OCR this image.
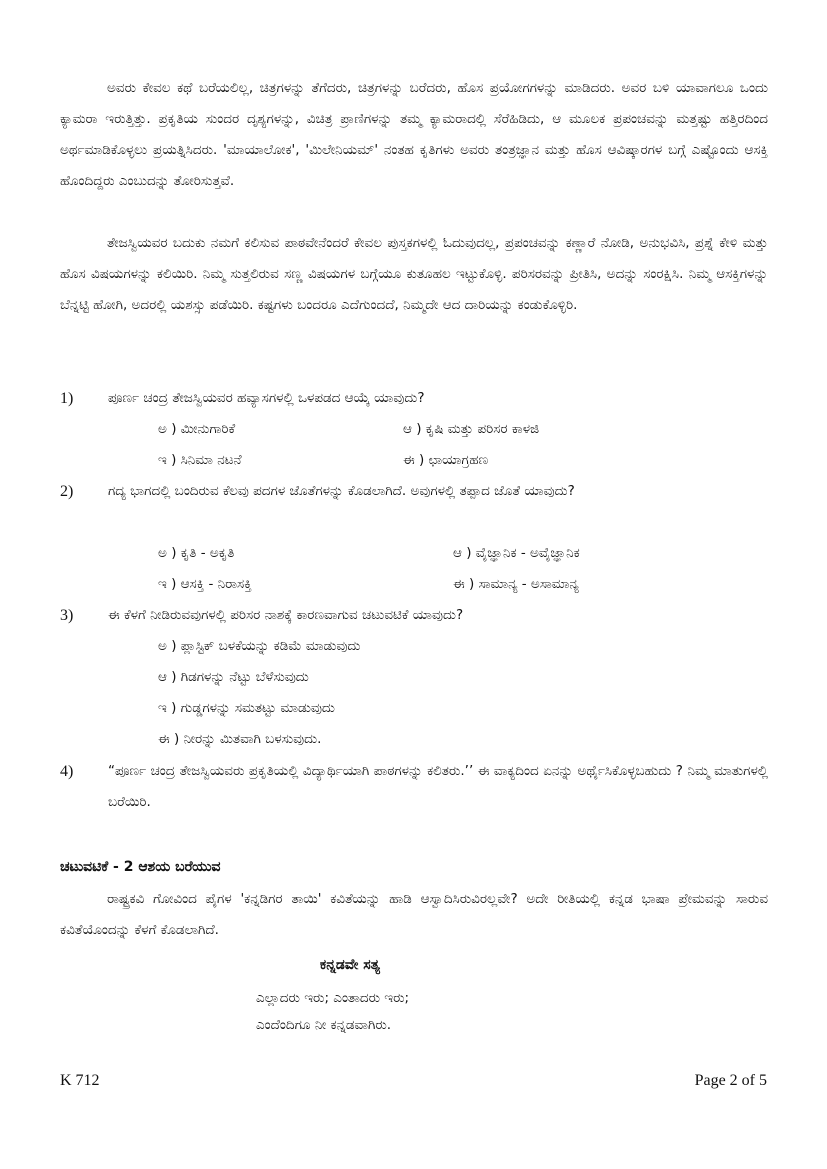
ಅವರು ಕೇವಲ ಕಥೆ ಬರೆಯಲಿಲ್ಲ, ಚಿತ್ರಗಳನ್ನು ತೆಗೆದರು, ಚಿತ್ರಗಳನ್ನು ಬರೆದರು, ಹೊಸ ಪ್ರಯೋಗಗಳನ್ನು ಮಾಡಿದರು. ಅವರ ಬಳಿ ಯಾವಾಗಲೂ ಒಂದು ಕ್ಯಾಮರಾ ಇರುತ್ತಿತ್ತು. ಪ್ರಕೃತಿಯ ಸುಂದರ ದೃಶ್ಯಗಳನ್ನು, ವಿಚಿತ್ರ ಪ್ರಾಣಿಗಳನ್ನು ತಮ್ಮ ಕ್ಯಾಮರಾದಲ್ಲಿ ಸೆರೆಹಿಡಿದು, ಆ ಮೂಲಕ ಪ್ರಪಂಚವನ್ನು ಮತ್ತಷ್ಟು ಹತ್ತಿರದಿಂದ ಅರ್ಥಮಾಡಿಕೊಳ್ಳಲು ಪ್ರಯತ್ನಿಸಿದರು. 'ಮಾಯಾಲೋಕ', 'ಮಿಲೇನಿಯಮ್' ನಂತಹ ಕೃತಿಗಳು ಅವರು ತಂತ್ರಜ್ಞಾನ ಮತ್ತು ಹೊಸ ಆವಿಷ್ಕಾರಗಳ ಬಗ್ಗೆ ಎಷ್ಟೊಂದು ಆಸಕ್ತಿ ಹೊಂದಿದ್ದರು ಎಂಬುದನ್ನು ತೋರಿಸುತ್ತವೆ.

ತೇಜಸ್ವಿಯವರ ಬದುಕು ನಮಗೆ ಕಲಿಸುವ ಪಾಠವೇನೆಂದರೆ ಕೇವಲ ಪುಸ್ತಕಗಳಲ್ಲಿ ಓದುವುದಲ್ಲ, ಪ್ರಪಂಚವನ್ನು ಕಣ್ಣಾರೆ ನೋಡಿ, ಅನುಭವಿಸಿ, ಪ್ರಶ್ನೆ ಕೇಳಿ ಮತ್ತು ಹೊಸ ವಿಷಯಗಳನ್ನು ಕಲಿಯಿರಿ. ನಿಮ್ಮ ಸುತ್ತಲಿರುವ ಸಣ್ಣ ವಿಷಯಗಳ ಬಗ್ಗೆಯೂ ಕುತೂಹಲ ಇಟ್ಟುಕೊಳ್ಳಿ. ಪರಿಸರವನ್ನು ಪ್ರೀತಿಸಿ, ಅದನ್ನು ಸಂರಕ್ಷಿಸಿ. ನಿಮ್ಮ ಆಸಕ್ತಿಗಳನ್ನು ಬೆನ್ನಟ್ಟಿ ಹೋಗಿ, ಅದರಲ್ಲಿ ಯಶಸ್ಸು ಪಡೆಯಿರಿ. ಕಷ್ಟಗಳು ಬಂದರೂ ಎದೆಗುಂದದೆ, ನಿಮ್ಮದೇ ಆದ ದಾರಿಯನ್ನು ಕಂಡುಕೊಳ್ಳಿರಿ.

1)	ಪೂರ್ಣ ಚಂದ್ರ ತೇಜಸ್ವಿಯವರ ಹವ್ಯಾಸಗಳಲ್ಲಿ ಒಳಪಡದ ಆಯ್ಕೆ ಯಾವುದು?
ಅ ) ಮೀನುಗಾರಿಕೆ	ಆ ) ಕೃಷಿ ಮತ್ತು ಪರಿಸರ ಕಾಳಜಿ
ಇ ) ಸಿನಿಮಾ ನಟನೆ	ಈ ) ಛಾಯಾಗ್ರಹಣ
2)	ಗದ್ಯ ಭಾಗದಲ್ಲಿ ಬಂದಿರುವ ಕೆಲವು ಪದಗಳ ಜೊತೆಗಳನ್ನು ಕೊಡಲಾಗಿದೆ. ಅವುಗಳಲ್ಲಿ ತಪ್ಪಾದ ಜೊತೆ ಯಾವುದು?
ಅ ) ಕೃತಿ - ಅಕೃತಿ	ಆ ) ವೈಜ್ಞಾನಿಕ - ಅವೈಜ್ಞಾನಿಕ
ಇ ) ಆಸಕ್ತಿ - ನಿರಾಸಕ್ತಿ	ಈ ) ಸಾಮಾನ್ಯ - ಅಸಾಮಾನ್ಯ
3)	ಈ ಕೆಳಗೆ ನೀಡಿರುವವುಗಳಲ್ಲಿ ಪರಿಸರ ನಾಶಕ್ಕೆ ಕಾರಣವಾಗುವ ಚಟುವಟಿಕೆ ಯಾವುದು?
ಅ ) ಪ್ಲಾಸ್ಟಿಕ್ ಬಳಕೆಯನ್ನು ಕಡಿಮೆ ಮಾಡುವುದು
ಆ ) ಗಿಡಗಳನ್ನು ನೆಟ್ಟು ಬೆಳೆಸುವುದು
ಇ ) ಗುಡ್ಡಗಳನ್ನು ಸಮತಟ್ಟು ಮಾಡುವುದು
ಈ ) ನೀರನ್ನು ಮಿತವಾಗಿ ಬಳಸುವುದು.
4)	“ಪೂರ್ಣ ಚಂದ್ರ ತೇಜಸ್ವಿಯವರು ಪ್ರಕೃತಿಯಲ್ಲಿ ವಿದ್ಯಾರ್ಥಿಯಾಗಿ ಪಾಠಗಳನ್ನು ಕಲಿತರು.’’ ಈ ವಾಕ್ಯದಿಂದ ಏನನ್ನು ಅರ್ಥೈಸಿಕೊಳ್ಳಬಹುದು ? ನಿಮ್ಮ ಮಾತುಗಳಲ್ಲಿ ಬರೆಯಿರಿ.
ಚಟುವಟಿಕೆ - 2 ಆಶಯ ಬರೆಯುವ

ರಾಷ್ಟ್ರಕವಿ ಗೋವಿಂದ ಪೈಗಳ 'ಕನ್ನಡಿಗರ ತಾಯಿ' ಕವಿತೆಯನ್ನು ಹಾಡಿ ಆಸ್ವಾದಿಸಿರುವಿರಲ್ಲವೇ? ಅದೇ ರೀತಿಯಲ್ಲಿ ಕನ್ನಡ ಭಾಷಾ ಪ್ರೇಮವನ್ನು ಸಾರುವ ಕವಿತೆಯೊಂದನ್ನು ಕೆಳಗೆ ಕೊಡಲಾಗಿದೆ.

ಕನ್ನಡವೇ ಸತ್ಯ
ಎಲ್ಲಾದರು ಇರು; ಎಂತಾದರು ಇರು;
ಎಂದೆಂದಿಗೂ ನೀ ಕನ್ನಡವಾಗಿರು.
K 712	Page 2 of 5
